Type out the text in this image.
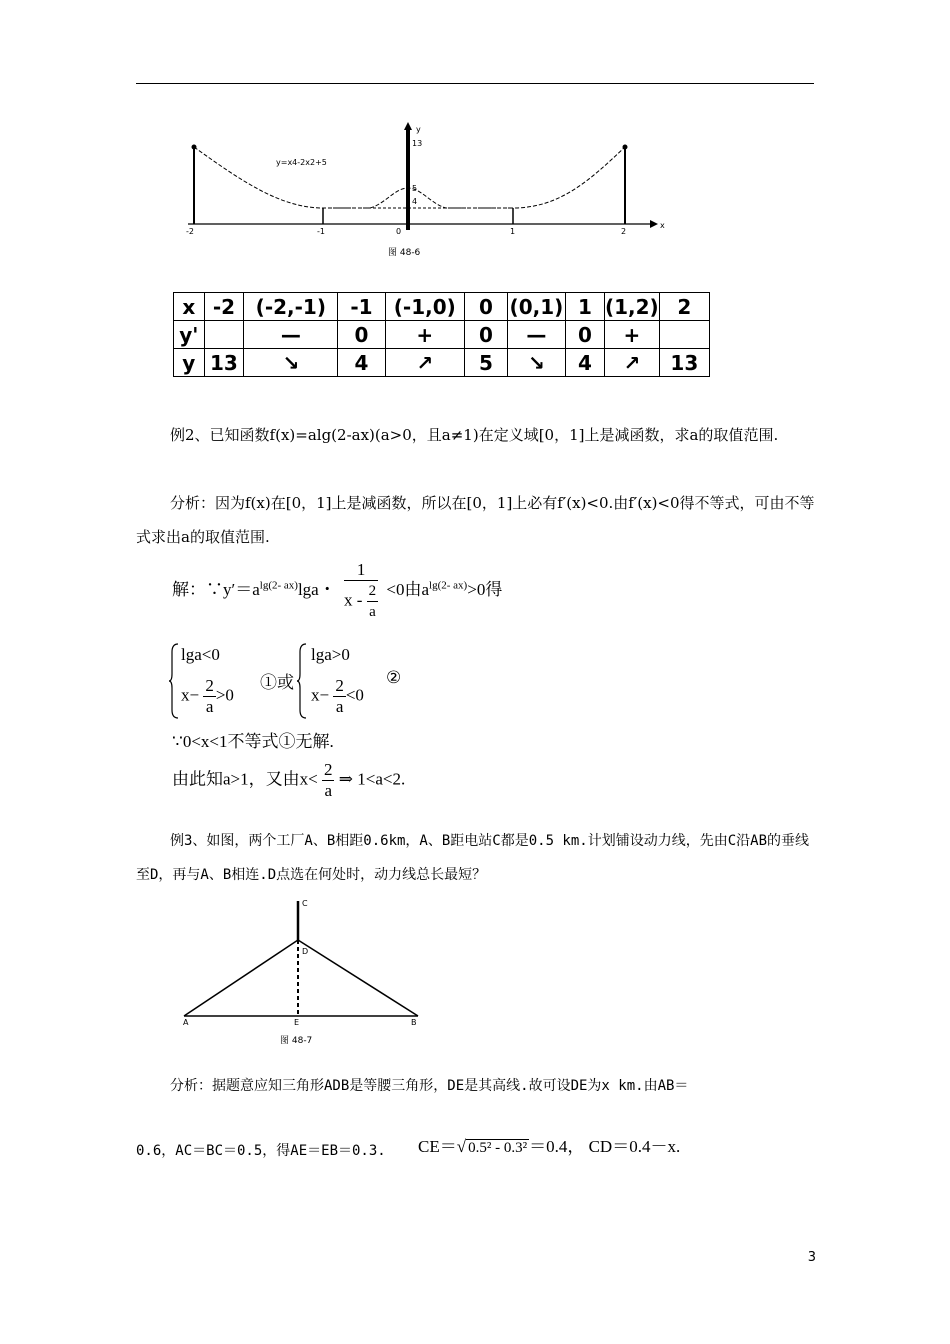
y=x4-2x2+5
y
x
13
5
4
-2	-1	0	1	2
图 48-6
x	-2	(-2,-1)	-1	(-1,0)	0	(0,1)	1	(1,2)	2
y'		—	0	+	0	—	0	+	
y	13	↘	4	↗	5	↘	4	↗	13
例2、已知函数f(x)=alg(2-ax)(a>0，且a≠1)在定义域[0，1]上是减函数，求a的取值范围.
分析：因为f(x)在[0，1]上是减函数，所以在[0，1]上必有f′(x)<0.由f′(x)<0得不等式，可由不等式求出a的取值范围.
解：$\because y'=a^{lg(2- ax)}\lg a$・ $\frac{1}{x - \frac{2}{a}} <0$由$a^{lg(2- ax)}>0$得
lga<0
$x- \frac{2}{a} >0$
①或
lga>0
$x- \frac{2}{a} <0$
②
∵0<x<1不等式①无解.
由此知a>1，又由$x< \frac{2}{a}$ ⇒ 1<a<2.
例3、如图，两个工厂A、B相距0.6km，A、B距电站C都是0.5 km.计划铺设动力线，先由C沿AB的垂线至D，再与A、B相连.D点选在何处时，动力线总长最短？
C
D
A	E	B
图 48-7
分析：据题意应知三角形ADB是等腰三角形，DE是其高线.故可设DE为x km.由AB＝
0.6，AC＝BC＝0.5，得AE＝EB＝0.3. CE＝√ 0.5² - 0.3² ＝0.4， CD＝0.4－x.
3
